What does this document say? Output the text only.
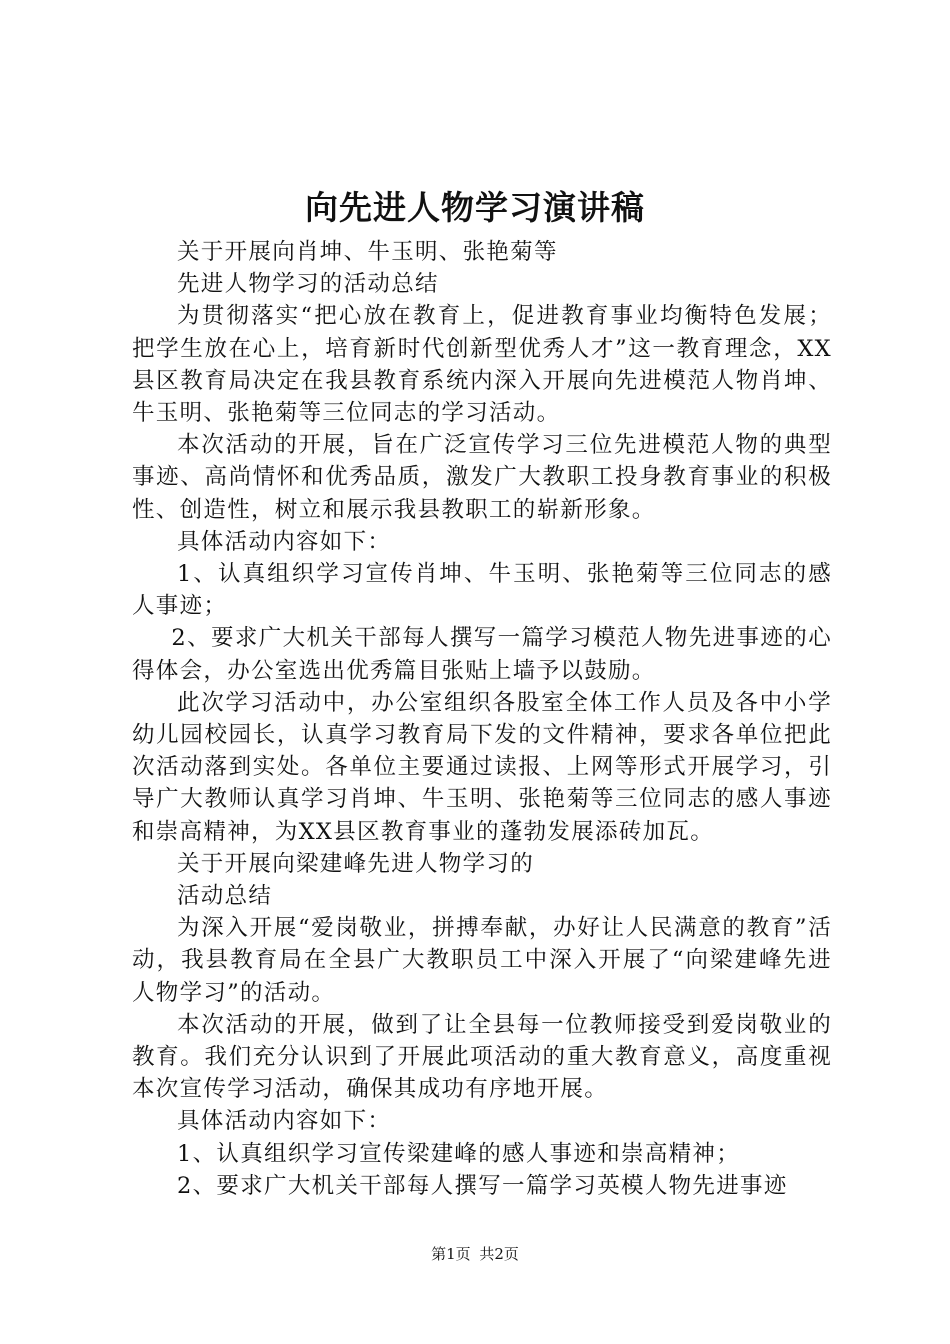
向先进人物学习演讲稿

关于开展向肖坤、牛玉明、张艳菊等

先进人物学习的活动总结

为贯彻落实“把心放在教育上，促进教育事业均衡特色发展；把学生放在心上，培育新时代创新型优秀人才”这一教育理念，XX县区教育局决定在我县教育系统内深入开展向先进模范人物肖坤、牛玉明、张艳菊等三位同志的学习活动。

本次活动的开展，旨在广泛宣传学习三位先进模范人物的典型事迹、高尚情怀和优秀品质，激发广大教职工投身教育事业的积极性、创造性，树立和展示我县教职工的崭新形象。

具体活动内容如下：

1、认真组织学习宣传肖坤、牛玉明、张艳菊等三位同志的感人事迹；

2、要求广大机关干部每人撰写一篇学习模范人物先进事迹的心得体会，办公室选出优秀篇目张贴上墙予以鼓励。

此次学习活动中，办公室组织各股室全体工作人员及各中小学幼儿园校园长，认真学习教育局下发的文件精神，要求各单位把此次活动落到实处。各单位主要通过读报、上网等形式开展学习，引导广大教师认真学习肖坤、牛玉明、张艳菊等三位同志的感人事迹和崇高精神，为XX县区教育事业的蓬勃发展添砖加瓦。

关于开展向梁建峰先进人物学习的

活动总结

为深入开展“爱岗敬业，拼搏奉献，办好让人民满意的教育”活动，我县教育局在全县广大教职员工中深入开展了“向梁建峰先进人物学习”的活动。

本次活动的开展，做到了让全县每一位教师接受到爱岗敬业的教育。我们充分认识到了开展此项活动的重大教育意义，高度重视本次宣传学习活动，确保其成功有序地开展。

具体活动内容如下：

1、认真组织学习宣传梁建峰的感人事迹和崇高精神；

2、要求广大机关干部每人撰写一篇学习英模人物先进事迹

第1页 共2页
